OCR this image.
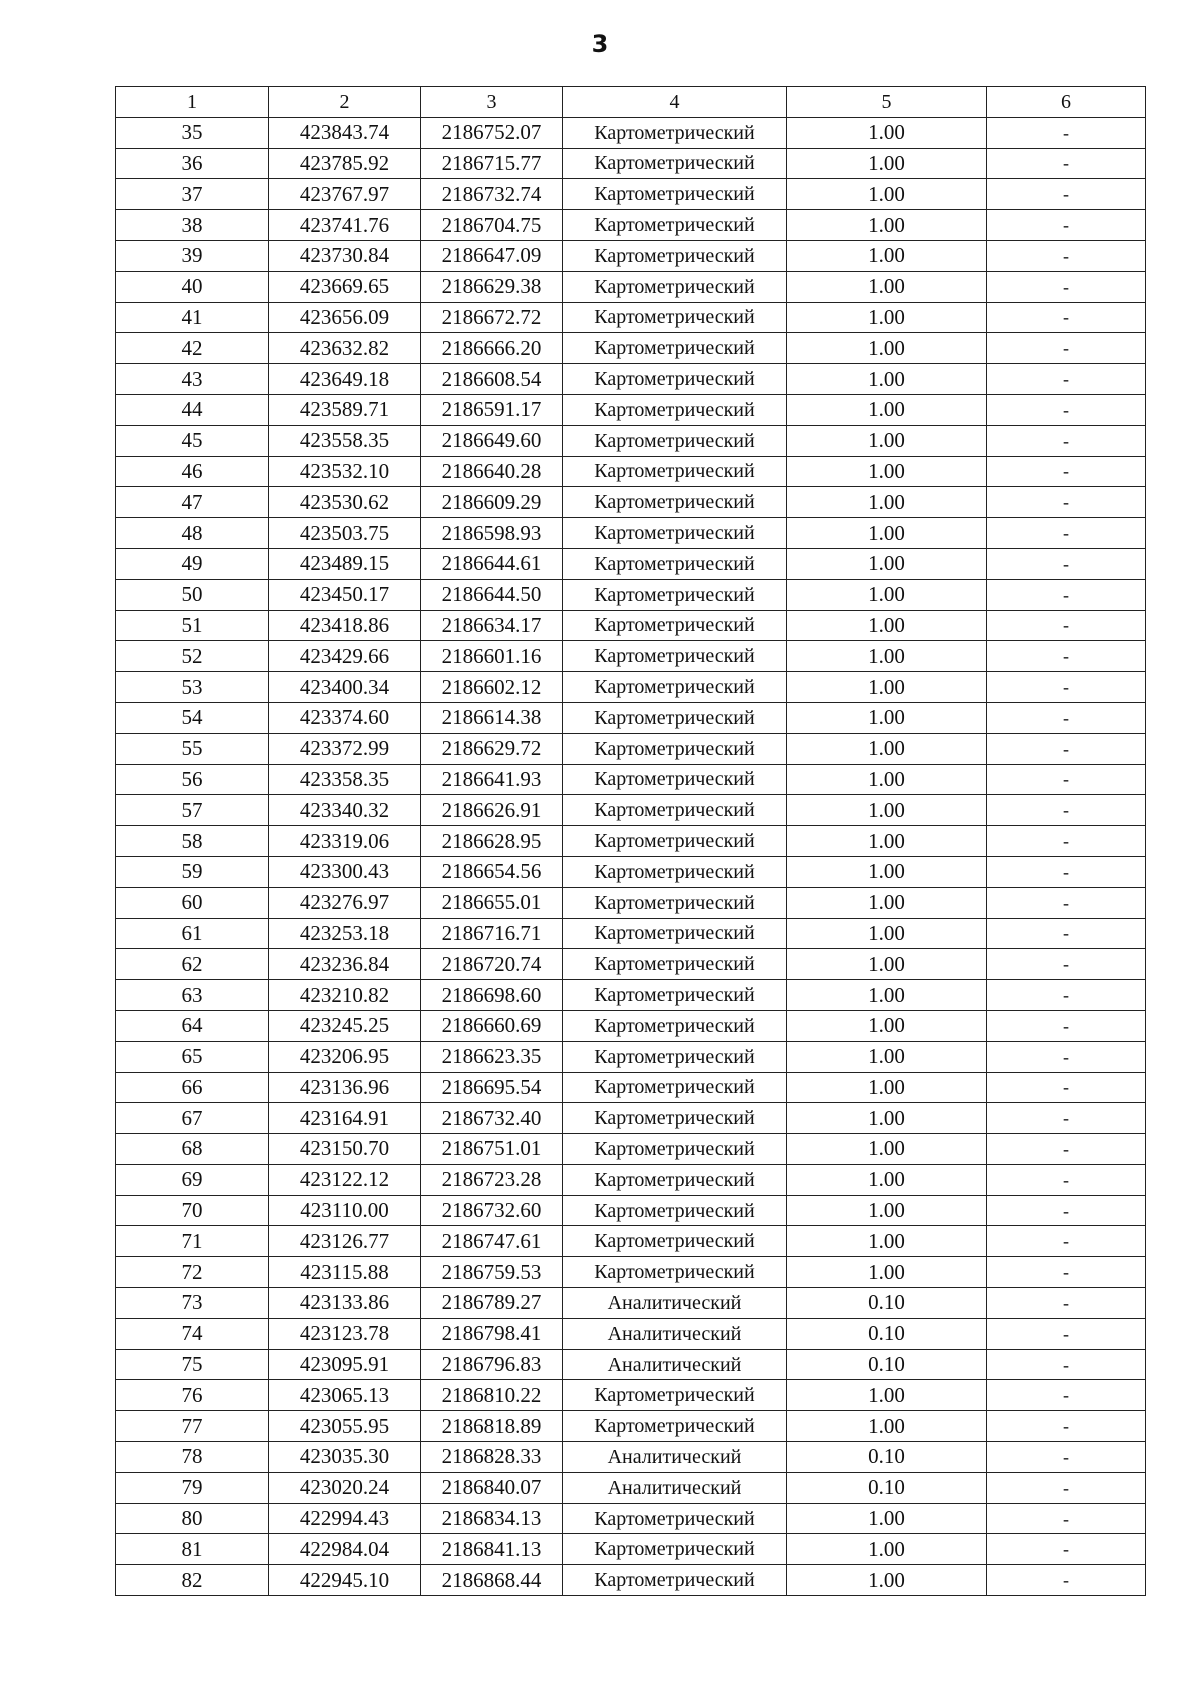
3
1	2	3	4	5	6
35	423843.74	2186752.07	Картометрический	1.00	-
36	423785.92	2186715.77	Картометрический	1.00	-
37	423767.97	2186732.74	Картометрический	1.00	-
38	423741.76	2186704.75	Картометрический	1.00	-
39	423730.84	2186647.09	Картометрический	1.00	-
40	423669.65	2186629.38	Картометрический	1.00	-
41	423656.09	2186672.72	Картометрический	1.00	-
42	423632.82	2186666.20	Картометрический	1.00	-
43	423649.18	2186608.54	Картометрический	1.00	-
44	423589.71	2186591.17	Картометрический	1.00	-
45	423558.35	2186649.60	Картометрический	1.00	-
46	423532.10	2186640.28	Картометрический	1.00	-
47	423530.62	2186609.29	Картометрический	1.00	-
48	423503.75	2186598.93	Картометрический	1.00	-
49	423489.15	2186644.61	Картометрический	1.00	-
50	423450.17	2186644.50	Картометрический	1.00	-
51	423418.86	2186634.17	Картометрический	1.00	-
52	423429.66	2186601.16	Картометрический	1.00	-
53	423400.34	2186602.12	Картометрический	1.00	-
54	423374.60	2186614.38	Картометрический	1.00	-
55	423372.99	2186629.72	Картометрический	1.00	-
56	423358.35	2186641.93	Картометрический	1.00	-
57	423340.32	2186626.91	Картометрический	1.00	-
58	423319.06	2186628.95	Картометрический	1.00	-
59	423300.43	2186654.56	Картометрический	1.00	-
60	423276.97	2186655.01	Картометрический	1.00	-
61	423253.18	2186716.71	Картометрический	1.00	-
62	423236.84	2186720.74	Картометрический	1.00	-
63	423210.82	2186698.60	Картометрический	1.00	-
64	423245.25	2186660.69	Картометрический	1.00	-
65	423206.95	2186623.35	Картометрический	1.00	-
66	423136.96	2186695.54	Картометрический	1.00	-
67	423164.91	2186732.40	Картометрический	1.00	-
68	423150.70	2186751.01	Картометрический	1.00	-
69	423122.12	2186723.28	Картометрический	1.00	-
70	423110.00	2186732.60	Картометрический	1.00	-
71	423126.77	2186747.61	Картометрический	1.00	-
72	423115.88	2186759.53	Картометрический	1.00	-
73	423133.86	2186789.27	Аналитический	0.10	-
74	423123.78	2186798.41	Аналитический	0.10	-
75	423095.91	2186796.83	Аналитический	0.10	-
76	423065.13	2186810.22	Картометрический	1.00	-
77	423055.95	2186818.89	Картометрический	1.00	-
78	423035.30	2186828.33	Аналитический	0.10	-
79	423020.24	2186840.07	Аналитический	0.10	-
80	422994.43	2186834.13	Картометрический	1.00	-
81	422984.04	2186841.13	Картометрический	1.00	-
82	422945.10	2186868.44	Картометрический	1.00	-
